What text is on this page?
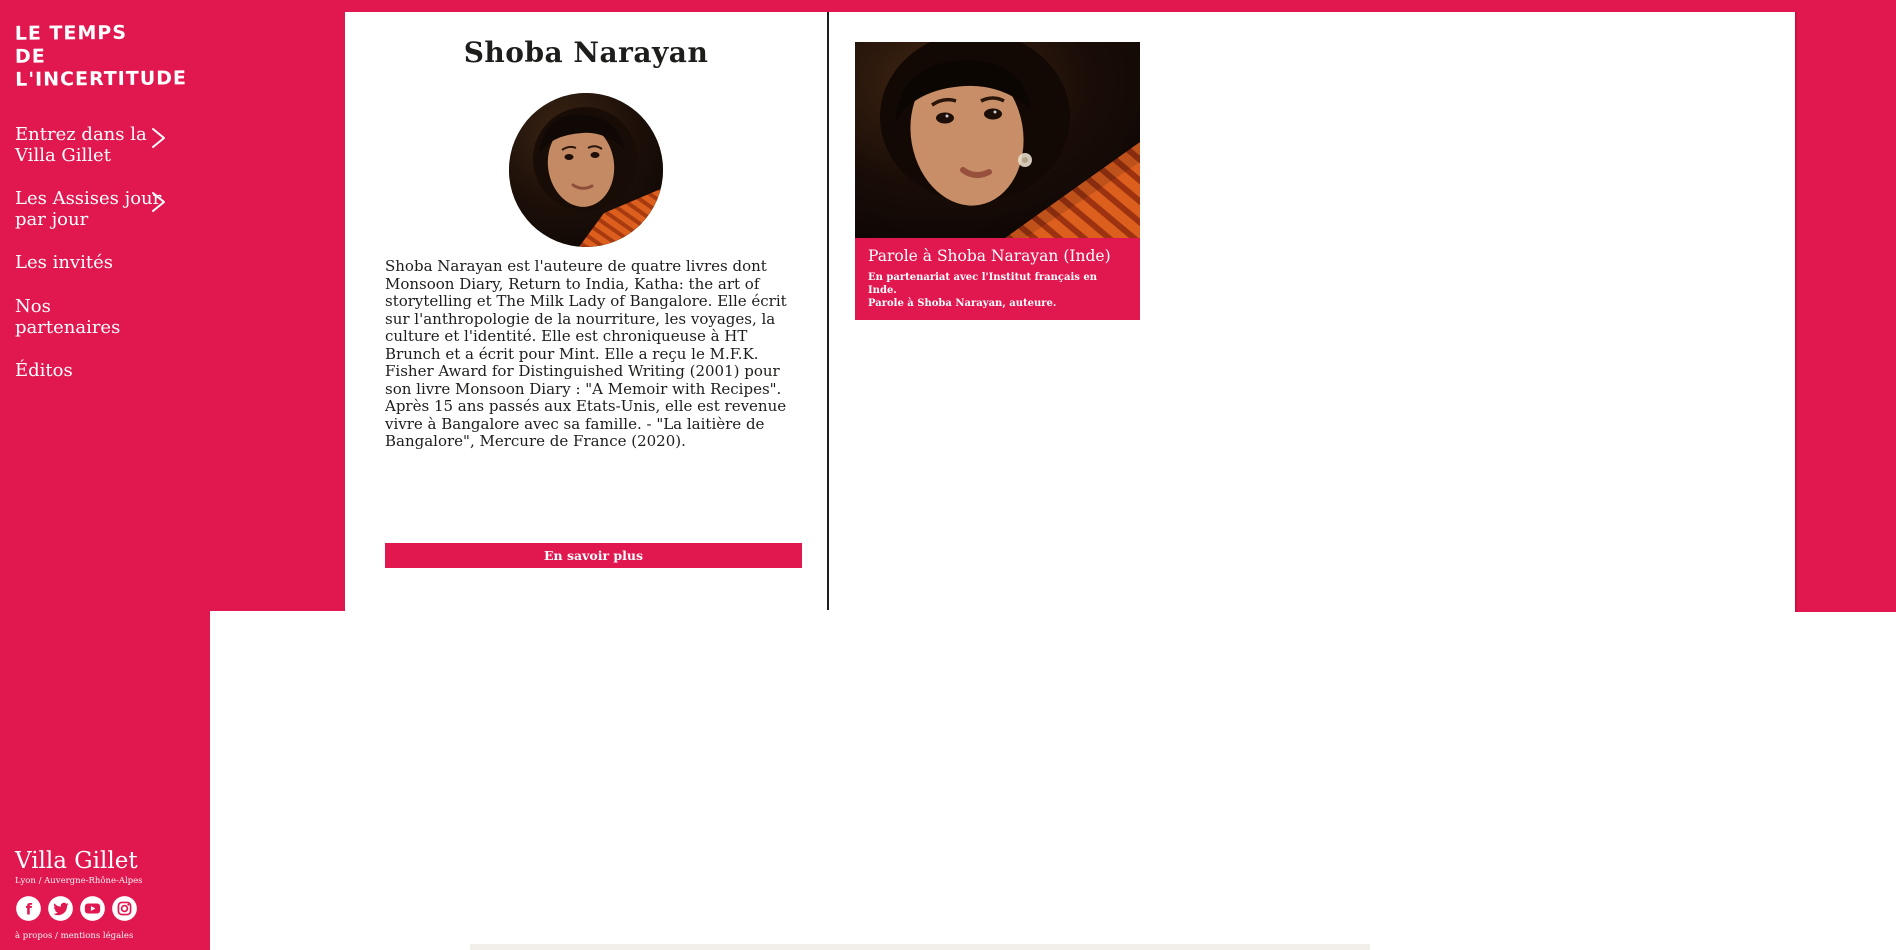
LE TEMPS
DE L'INCERTITUDE
Entrez dans la
Villa Gillet
Les Assises jour
par jour
Les invités
Nos
partenaires
Éditos
Villa Gillet
Lyon / Auvergne-Rhône-Alpes
f
à propos / mentions légales
Shoba Narayan
Shoba Narayan est l'auteure de quatre livres dont Monsoon Diary, Return to India, Katha: the art of storytelling et The Milk Lady of Bangalore. Elle écrit sur l'anthropologie de la nourriture, les voyages, la culture et l'identité. Elle est chroniqueuse à HT Brunch et a écrit pour Mint. Elle a reçu le M.F.K. Fisher Award for Distinguished Writing (2001) pour son livre Monsoon Diary : "A Memoir with Recipes". Après 15 ans passés aux Etats-Unis, elle est revenue vivre à Bangalore avec sa famille. - "La laitière de Bangalore", Mercure de France (2020).
En savoir plus
Parole à Shoba Narayan (Inde)
En partenariat avec l'Institut français en Inde.
Parole à Shoba Narayan, auteure.
